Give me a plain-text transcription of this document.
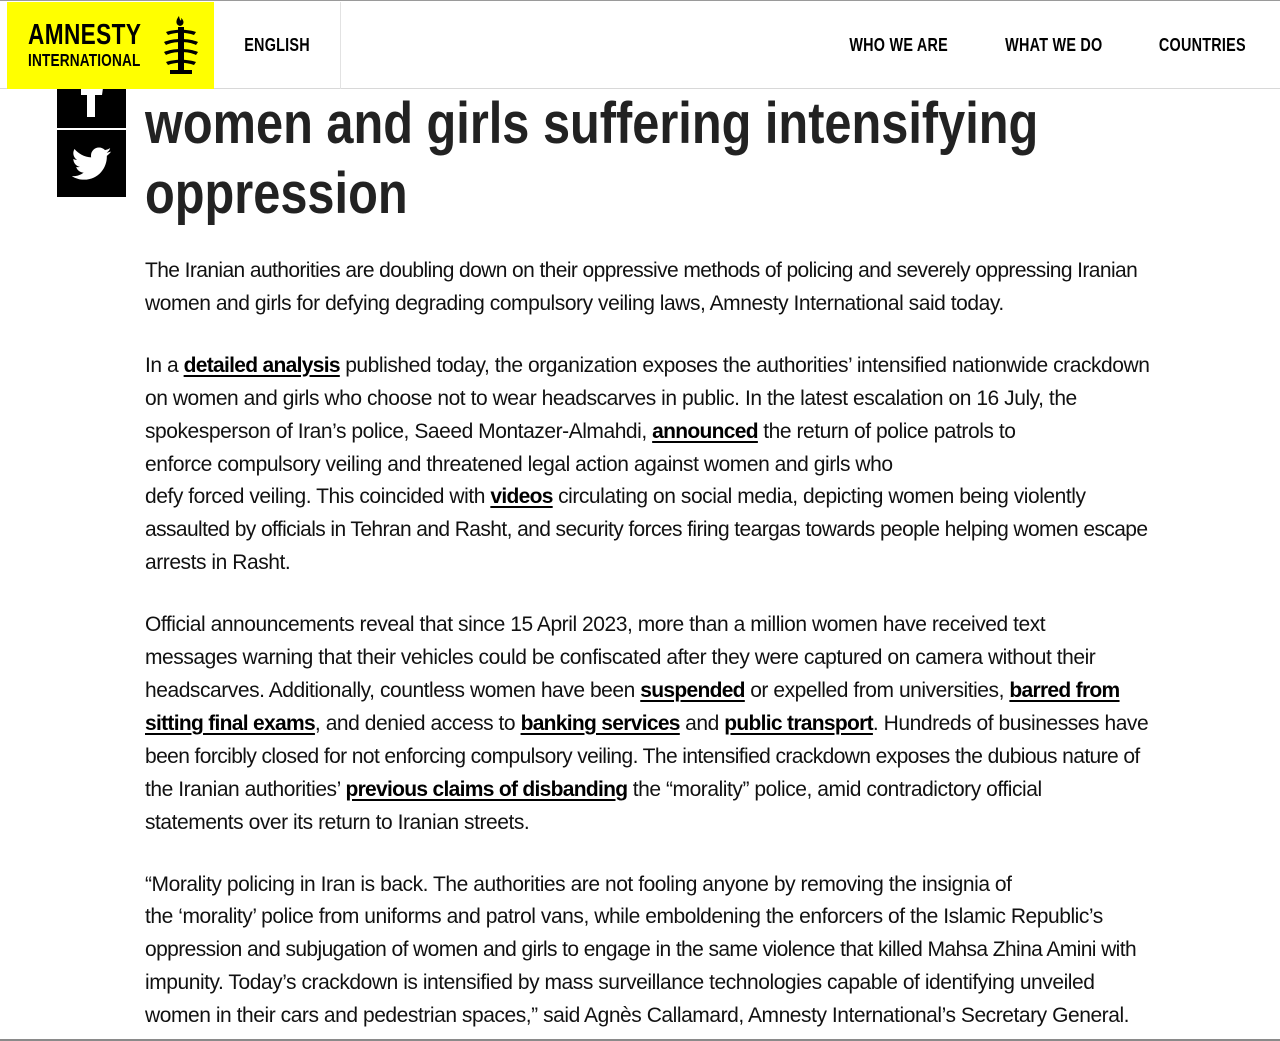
women and girls suffering intensifying
oppression
AMNESTY
INTERNATIONAL
ENGLISH	WHO WE ARE	WHAT WE DO	COUNTRIES

The Iranian authorities are doubling down on their oppressive methods of policing and severely oppressing Iranian
women and girls for defying degrading compulsory veiling laws, Amnesty International said today.

In a detailed analysis published today, the organization exposes the authorities’ intensified nationwide crackdown
on women and girls who choose not to wear headscarves in public. In the latest escalation on 16 July, the
spokesperson of Iran’s police, Saeed Montazer-Almahdi, announced the return of police patrols to
enforce compulsory veiling and threatened legal action against women and girls who
defy forced veiling. This coincided with videos circulating on social media, depicting women being violently
assaulted by officials in Tehran and Rasht, and security forces firing teargas towards people helping women escape
arrests in Rasht.

Official announcements reveal that since 15 April 2023, more than a million women have received text
messages warning that their vehicles could be confiscated after they were captured on camera without their
headscarves. Additionally, countless women have been suspended or expelled from universities, barred from
sitting final exams, and denied access to banking services and public transport. Hundreds of businesses have
been forcibly closed for not enforcing compulsory veiling. The intensified crackdown exposes the dubious nature of
the Iranian authorities’ previous claims of disbanding the “morality” police, amid contradictory official
statements over its return to Iranian streets.

“Morality policing in Iran is back. The authorities are not fooling anyone by removing the insignia of
the ‘morality’ police from uniforms and patrol vans, while emboldening the enforcers of the Islamic Republic’s
oppression and subjugation of women and girls to engage in the same violence that killed Mahsa Zhina Amini with
impunity. Today’s crackdown is intensified by mass surveillance technologies capable of identifying unveiled
women in their cars and pedestrian spaces,” said Agnès Callamard, Amnesty International’s Secretary General.
